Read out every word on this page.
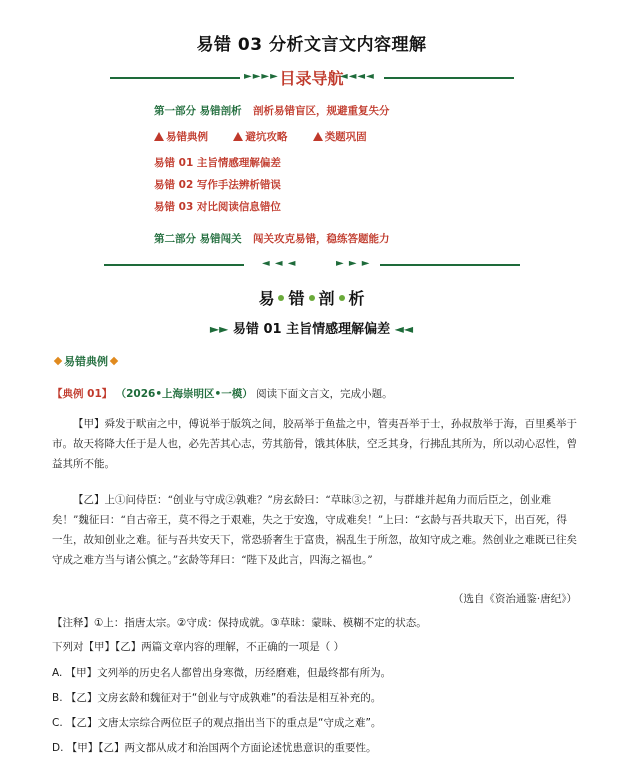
易错 03 分析文言文内容理解
►►►► 目录导航
◄◄◄◄
第一部分 易错剖析 剖析易错盲区，规避重复失分
易错典例	避坑攻略	类题巩固
易错 01 主旨情感理解偏差
易错 02 写作手法辨析错误
易错 03 对比阅读信息错位
第二部分 易错闯关 闯关攻克易错，稳练答题能力
◄ ◄ ◄	► ► ►
易 错 剖 析
►► 易错 01 主旨情感理解偏差 ◄◄
易错典例
【典例 01】 （2026•上海崇明区•一模） 阅读下面文言文，完成小题。
【甲】舜发于畎亩之中，傅说举于版筑之间，胶鬲举于鱼盐之中，管夷吾举于士，孙叔敖举于海，百里奚举于市。故天将降大任于是人也，必先苦其心志，劳其筋骨，饿其体肤，空乏其身，行拂乱其所为，所以动心忍性，曾益其所不能。
【乙】上①问侍臣：“创业与守成②孰难？”房玄龄曰：“草昧③之初，与群雄并起角力而后臣之，创业难矣！”魏征曰：“自古帝王，莫不得之于艰难，失之于安逸，守成难矣！”上曰：“玄龄与吾共取天下，出百死，得一生，故知创业之难。征与吾共安天下，常恐骄奢生于富贵，祸乱生于所忽，故知守成之难。然创业之难既已往矣守成之难方当与诸公慎之。”玄龄等拜曰：“陛下及此言，四海之福也。”
（选自《资治通鉴·唐纪》）
【注释】①上：指唐太宗。②守成：保持成就。③草昧：蒙昧、模糊不定的状态。
下列对【甲】【乙】两篇文章内容的理解，不正确的一项是（ ）
A. 【甲】文列举的历史名人都曾出身寒微，历经磨难，但最终都有所为。
B. 【乙】文房玄龄和魏征对于“创业与守成孰难”的看法是相互补充的。
C. 【乙】文唐太宗综合两位臣子的观点指出当下的重点是“守成之难”。
D. 【甲】【乙】两文都从成才和治国两个方面论述忧患意识的重要性。
